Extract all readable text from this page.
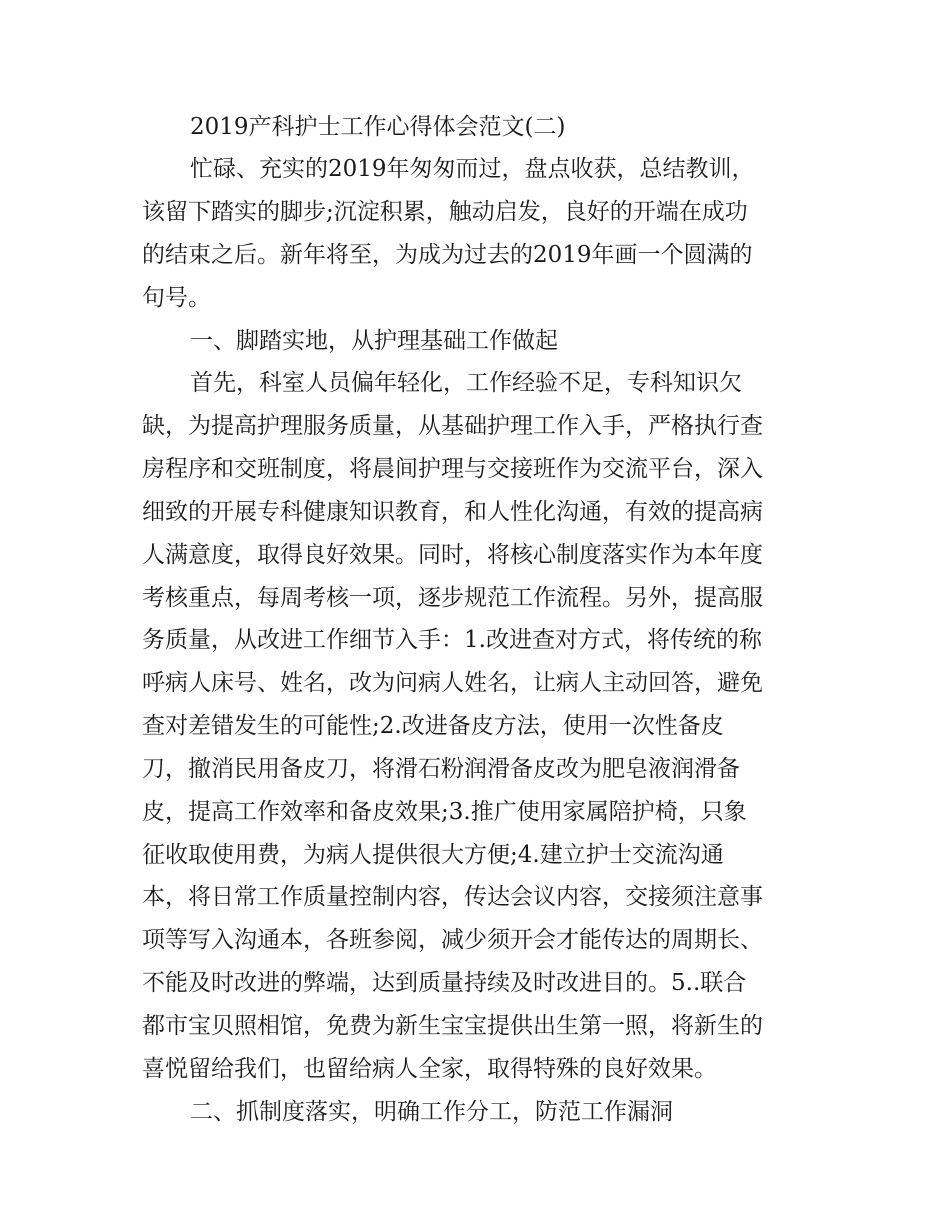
2019产科护士工作心得体会范文(二)

忙碌、充实的2019年匆匆而过，盘点收获，总结教训，

该留下踏实的脚步;沉淀积累，触动启发，良好的开端在成功

的结束之后。新年将至，为成为过去的2019年画一个圆满的

句号。

一、脚踏实地，从护理基础工作做起

首先，科室人员偏年轻化，工作经验不足，专科知识欠

缺，为提高护理服务质量，从基础护理工作入手，严格执行查

房程序和交班制度，将晨间护理与交接班作为交流平台，深入

细致的开展专科健康知识教育，和人性化沟通，有效的提高病

人满意度，取得良好效果。同时，将核心制度落实作为本年度

考核重点，每周考核一项，逐步规范工作流程。另外，提高服

务质量，从改进工作细节入手：1.改进查对方式，将传统的称

呼病人床号、姓名，改为问病人姓名，让病人主动回答，避免

查对差错发生的可能性;2.改进备皮方法，使用一次性备皮

刀，撤消民用备皮刀，将滑石粉润滑备皮改为肥皂液润滑备

皮，提高工作效率和备皮效果;3.推广使用家属陪护椅，只象

征收取使用费，为病人提供很大方便;4.建立护士交流沟通

本，将日常工作质量控制内容，传达会议内容，交接须注意事

项等写入沟通本，各班参阅，减少须开会才能传达的周期长、

不能及时改进的弊端，达到质量持续及时改进目的。5..联合

都市宝贝照相馆，免费为新生宝宝提供出生第一照，将新生的

喜悦留给我们，也留给病人全家，取得特殊的良好效果。

二、抓制度落实，明确工作分工，防范工作漏洞
